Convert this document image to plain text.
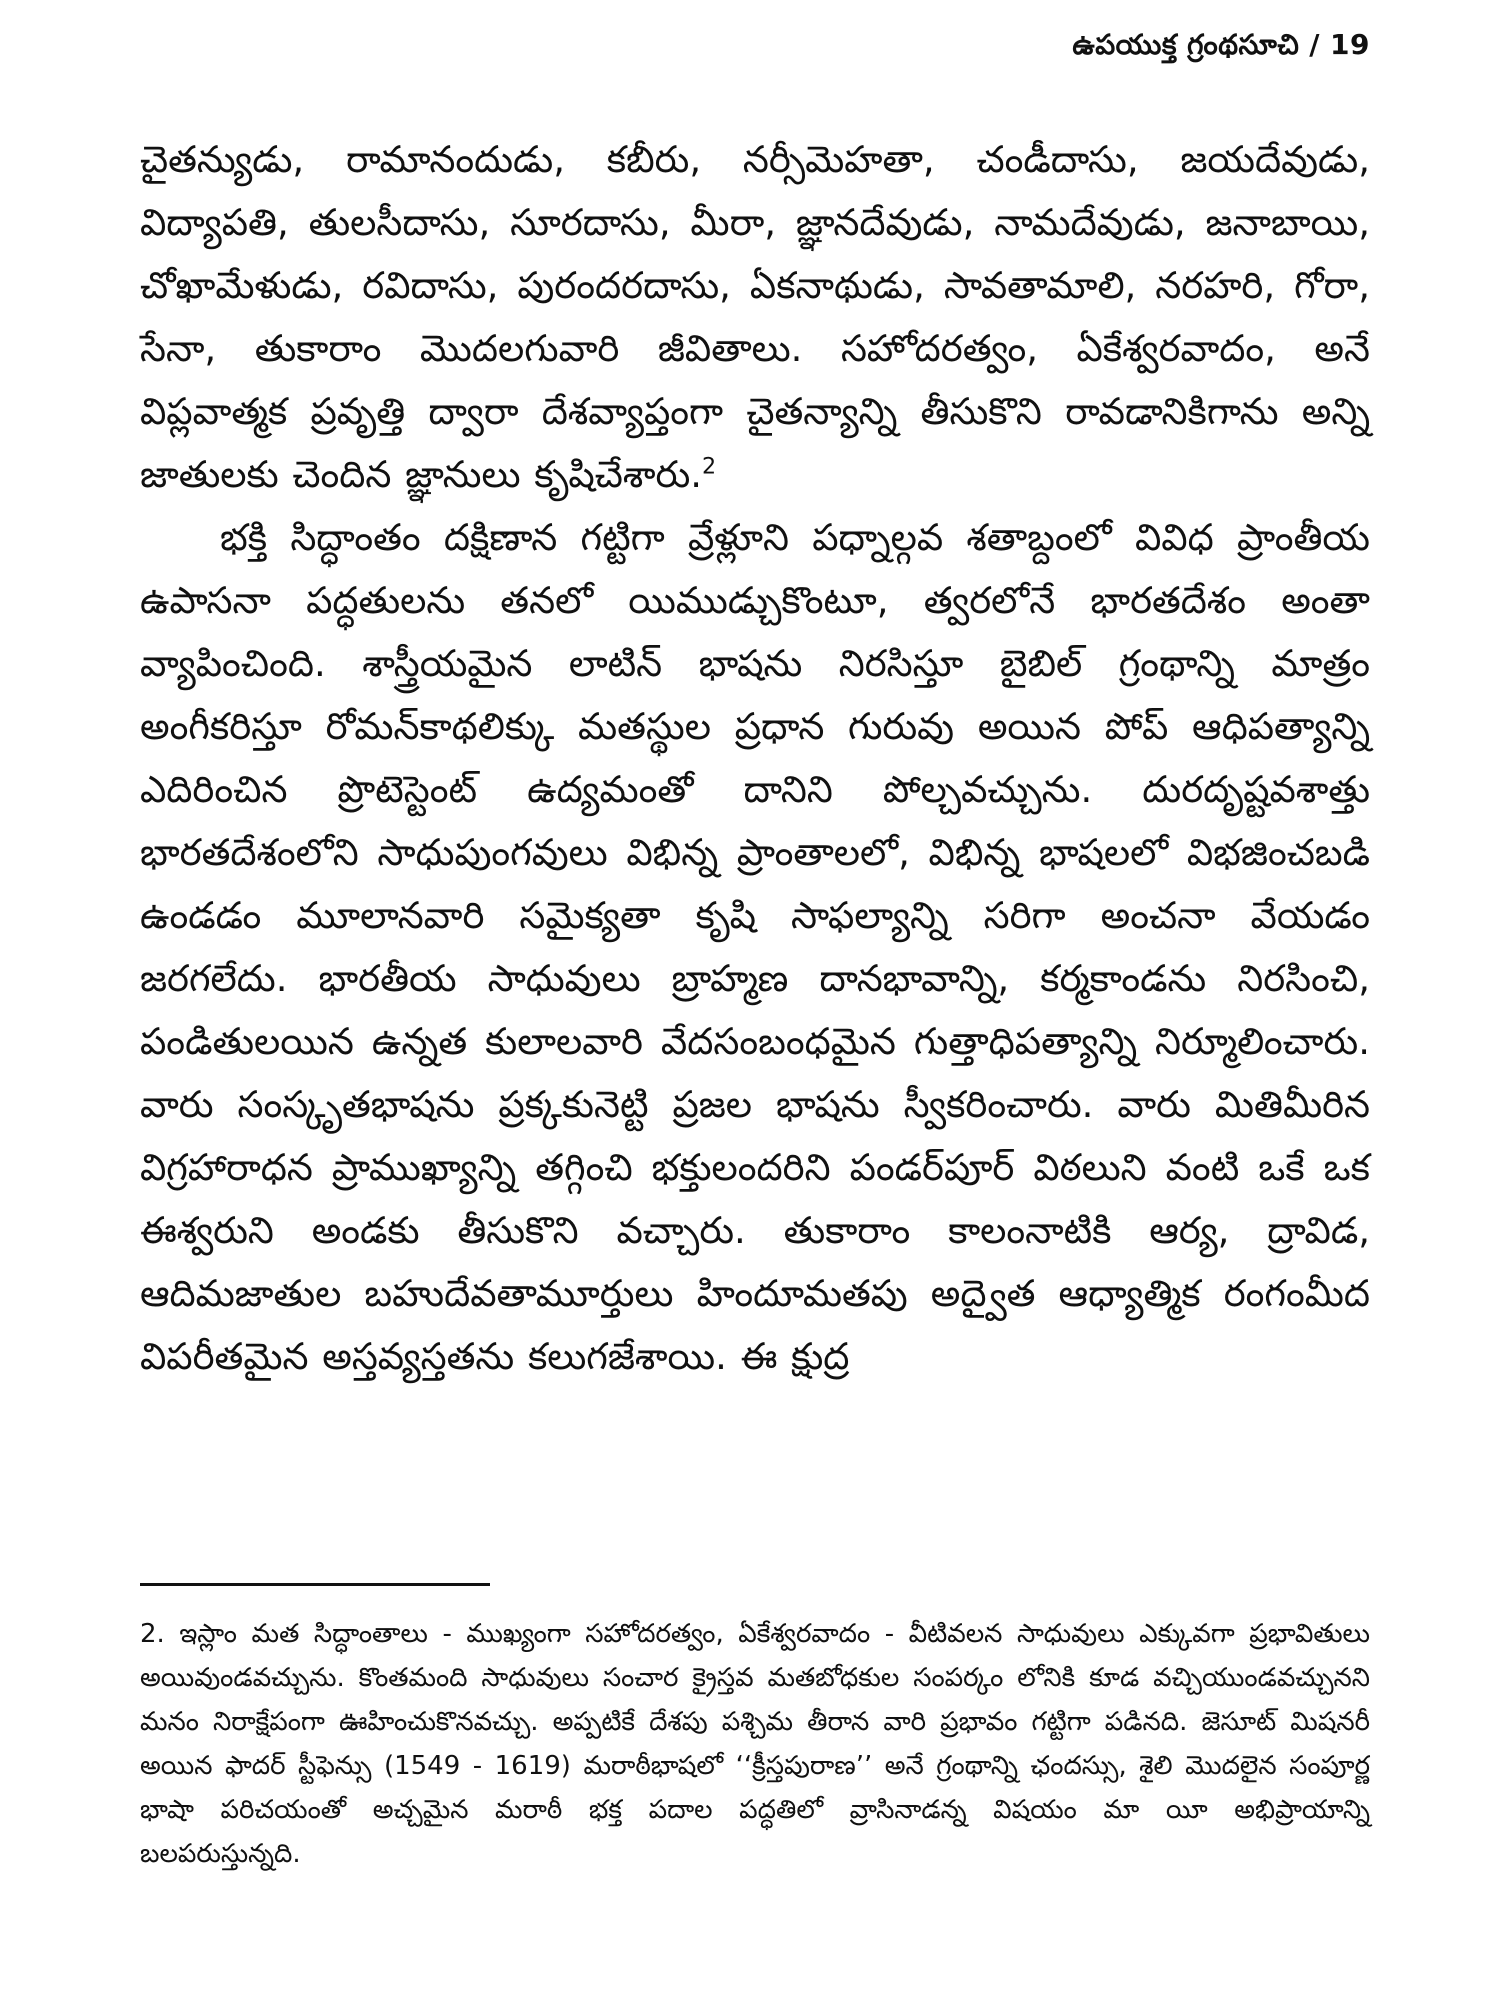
ఉపయుక్త గ్రంథసూచి / 19

చైతన్యుడు, రామానందుడు, కబీరు, నర్సీమెహతా, చండీదాసు, జయదేవుడు, విద్యాపతి, తులసీదాసు, సూరదాసు, మీరా, జ్ఞానదేవుడు, నామదేవుడు, జనాబాయి, చోఖామేళుడు, రవిదాసు, పురందరదాసు, ఏకనాథుడు, సావతామాలి, నరహరి, గోరా, సేనా, తుకారాం మొదలగువారి జీవితాలు. సహోదరత్వం, ఏకేశ్వరవాదం, అనే విప్లవాత్మక ప్రవృత్తి ద్వారా దేశవ్యాప్తంగా చైతన్యాన్ని తీసుకొని రావడానికిగాను అన్ని జాతులకు చెందిన జ్ఞానులు కృషిచేశారు.$^2$

భక్తి సిద్ధాంతం దక్షిణాన గట్టిగా వ్రేళ్లూని పధ్నాల్గవ శతాబ్దంలో వివిధ ప్రాంతీయ ఉపాసనా పద్ధతులను తనలో యిముడ్చుకొంటూ, త్వరలోనే భారతదేశం అంతా వ్యాపించింది. శాస్త్రీయమైన లాటిన్ భాషను నిరసిస్తూ బైబిల్ గ్రంథాన్ని మాత్రం అంగీకరిస్తూ రోమన్‌కాథలిక్కు మతస్థుల ప్రధాన గురువు అయిన పోప్ ఆధిపత్యాన్ని ఎదిరించిన ప్రొటెస్టెంట్ ఉద్యమంతో దానిని పోల్చవచ్చును. దురదృష్టవశాత్తు భారతదేశంలోని సాధుపుంగవులు విభిన్న ప్రాంతాలలో, విభిన్న భాషలలో విభజించబడి ఉండడం మూలానవారి సమైక్యతా కృషి సాఫల్యాన్ని సరిగా అంచనా వేయడం జరగలేదు. భారతీయ సాధువులు బ్రాహ్మణ దానభావాన్ని, కర్మకాండను నిరసించి, పండితులయిన ఉన్నత కులాలవారి వేదసంబంధమైన గుత్తాధిపత్యాన్ని నిర్మూలించారు. వారు సంస్కృతభాషను ప్రక్కకునెట్టి ప్రజల భాషను స్వీకరించారు. వారు మితిమీరిన విగ్రహారాధన ప్రాముఖ్యాన్ని తగ్గించి భక్తులందరిని పండర్‌పూర్ విఠలుని వంటి ఒకే ఒక ఈశ్వరుని అండకు తీసుకొని వచ్చారు. తుకారాం కాలంనాటికి ఆర్య, ద్రావిడ, ఆదిమజాతుల బహుదేవతామూర్తులు హిందూమతపు అద్వైత ఆధ్యాత్మిక రంగంమీద విపరీతమైన అస్తవ్యస్తతను కలుగజేశాయి. ఈ క్షుద్ర

2. ఇస్లాం మత సిద్ధాంతాలు - ముఖ్యంగా సహోదరత్వం, ఏకేశ్వరవాదం - వీటివలన సాధువులు ఎక్కువగా ప్రభావితులు అయివుండవచ్చును. కొంతమంది సాధువులు సంచార క్రైస్తవ మతబోధకుల సంపర్కం లోనికి కూడ వచ్చియుండవచ్చునని మనం నిరాక్షేపంగా ఊహించుకొనవచ్చు. అప్పటికే దేశపు పశ్చిమ తీరాన వారి ప్రభావం గట్టిగా పడినది. జెసూట్ మిషనరీ అయిన ఫాదర్ స్టీఫెన్సు (1549 - 1619) మరాఠీభాషలో ‘‘క్రీస్తపురాణ’’ అనే గ్రంథాన్ని ఛందస్సు, శైలి మొదలైన సంపూర్ణ భాషా పరిచయంతో అచ్చమైన మరాఠీ భక్త పదాల పద్ధతిలో వ్రాసినాడన్న విషయం మా యీ అభిప్రాయాన్ని బలపరుస్తున్నది.
